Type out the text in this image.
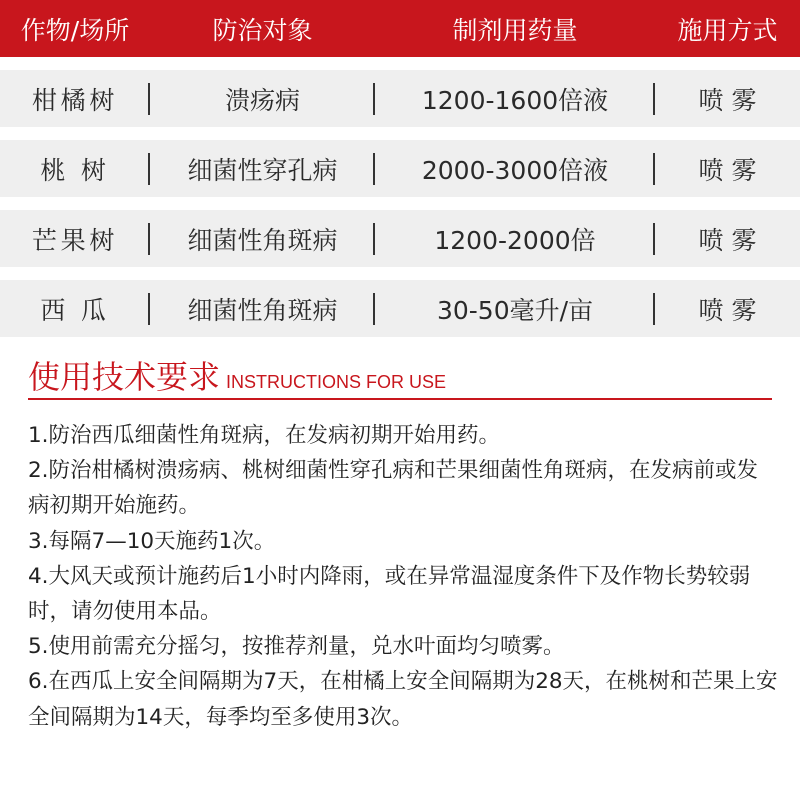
作物/场所	防治对象	制剂用药量	施用方式
柑橘树	溃疡病	1200-1600倍液	喷 雾
桃 树	细菌性穿孔病	2000-3000倍液	喷 雾
芒果树	细菌性角斑病	1200-2000倍	喷 雾
西 瓜	细菌性角斑病	30-50毫升/亩	喷 雾
使用技术要求 INSTRUCTIONS FOR USE
1.防治西瓜细菌性角斑病，在发病初期开始用药。
2.防治柑橘树溃疡病、桃树细菌性穿孔病和芒果细菌性角斑病，在发病前或发病初期开始施药。
3.每隔7—10天施药1次。
4.大风天或预计施药后1小时内降雨，或在异常温湿度条件下及作物长势较弱时，请勿使用本品。
5.使用前需充分摇匀，按推荐剂量，兑水叶面均匀喷雾。
6.在西瓜上安全间隔期为7天，在柑橘上安全间隔期为28天，在桃树和芒果上安全间隔期为14天，每季均至多使用3次。
